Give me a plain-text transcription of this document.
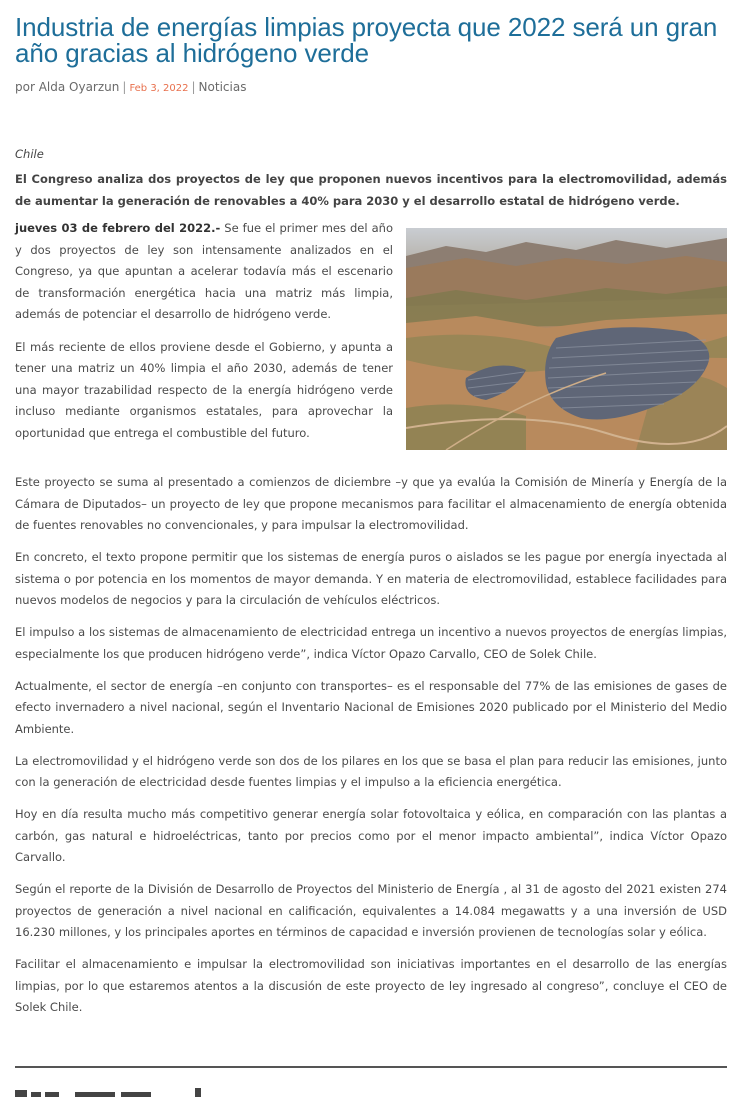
Industria de energías limpias proyecta que 2022 será un gran año gracias al hidrógeno verde
por Alda Oyarzun | Feb 3, 2022 | Noticias
Chile
El Congreso analiza dos proyectos de ley que proponen nuevos incentivos para la electromovilidad, además de aumentar la generación de renovables a 40% para 2030 y el desarrollo estatal de hidrógeno verde.

jueves 03 de febrero del 2022.- Se fue el primer mes del año y dos proyectos de ley son intensamente analizados en el Congreso, ya que apuntan a acelerar todavía más el escenario de transformación energética hacia una matriz más limpia, además de potenciar el desarrollo de hidrógeno verde.

El más reciente de ellos proviene desde el Gobierno, y apunta a tener una matriz un 40% limpia el año 2030, además de tener una mayor trazabilidad respecto de la energía hidrógeno verde incluso mediante organismos estatales, para aprovechar la oportunidad que entrega el combustible del futuro.

Este proyecto se suma al presentado a comienzos de diciembre –y que ya evalúa la Comisión de Minería y Energía de la Cámara de Diputados– un proyecto de ley que propone mecanismos para facilitar el almacenamiento de energía obtenida de fuentes renovables no convencionales, y para impulsar la electromovilidad.

En concreto, el texto propone permitir que los sistemas de energía puros o aislados se les pague por energía inyectada al sistema o por potencia en los momentos de mayor demanda. Y en materia de electromovilidad, establece facilidades para nuevos modelos de negocios y para la circulación de vehículos eléctricos.

El impulso a los sistemas de almacenamiento de electricidad entrega un incentivo a nuevos proyectos de energías limpias, especialmente los que producen hidrógeno verde”, indica Víctor Opazo Carvallo, CEO de Solek Chile.

Actualmente, el sector de energía –en conjunto con transportes– es el responsable del 77% de las emisiones de gases de efecto invernadero a nivel nacional, según el Inventario Nacional de Emisiones 2020 publicado por el Ministerio del Medio Ambiente.

La electromovilidad y el hidrógeno verde son dos de los pilares en los que se basa el plan para reducir las emisiones, junto con la generación de electricidad desde fuentes limpias y el impulso a la eficiencia energética.

Hoy en día resulta mucho más competitivo generar energía solar fotovoltaica y eólica, en comparación con las plantas a carbón, gas natural e hidroeléctricas, tanto por precios como por el menor impacto ambiental”, indica Víctor Opazo Carvallo.

Según el reporte de la División de Desarrollo de Proyectos del Ministerio de Energía , al 31 de agosto del 2021 existen 274 proyectos de generación a nivel nacional en calificación, equivalentes a 14.084 megawatts y a una inversión de USD 16.230 millones, y los principales aportes en términos de capacidad e inversión provienen de tecnologías solar y eólica.

Facilitar el almacenamiento e impulsar la electromovilidad son iniciativas importantes en el desarrollo de las energías limpias, por lo que estaremos atentos a la discusión de este proyecto de ley ingresado al congreso”, concluye el CEO de Solek Chile.
